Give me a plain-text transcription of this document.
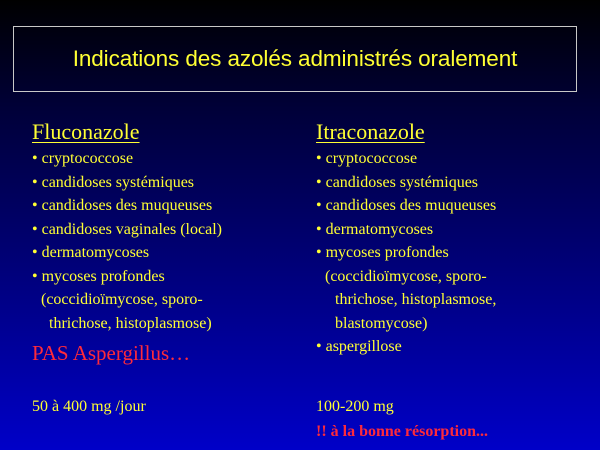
Indications des azolés administrés oralement
Fluconazole
• cryptococcose
• candidoses systémiques
• candidoses des muqueuses
• candidoses vaginales (local)
• dermatomycoses
• mycoses profondes
(coccidioïmycose, sporo-
thrichose, histoplasmose)
PAS Aspergillus…
50 à 400 mg /jour
Itraconazole
• cryptococcose
• candidoses systémiques
• candidoses des muqueuses
• dermatomycoses
• mycoses profondes
(coccidioïmycose, sporo-
thrichose, histoplasmose,
blastomycose)
• aspergillose
100-200 mg
!! à la bonne résorption...
